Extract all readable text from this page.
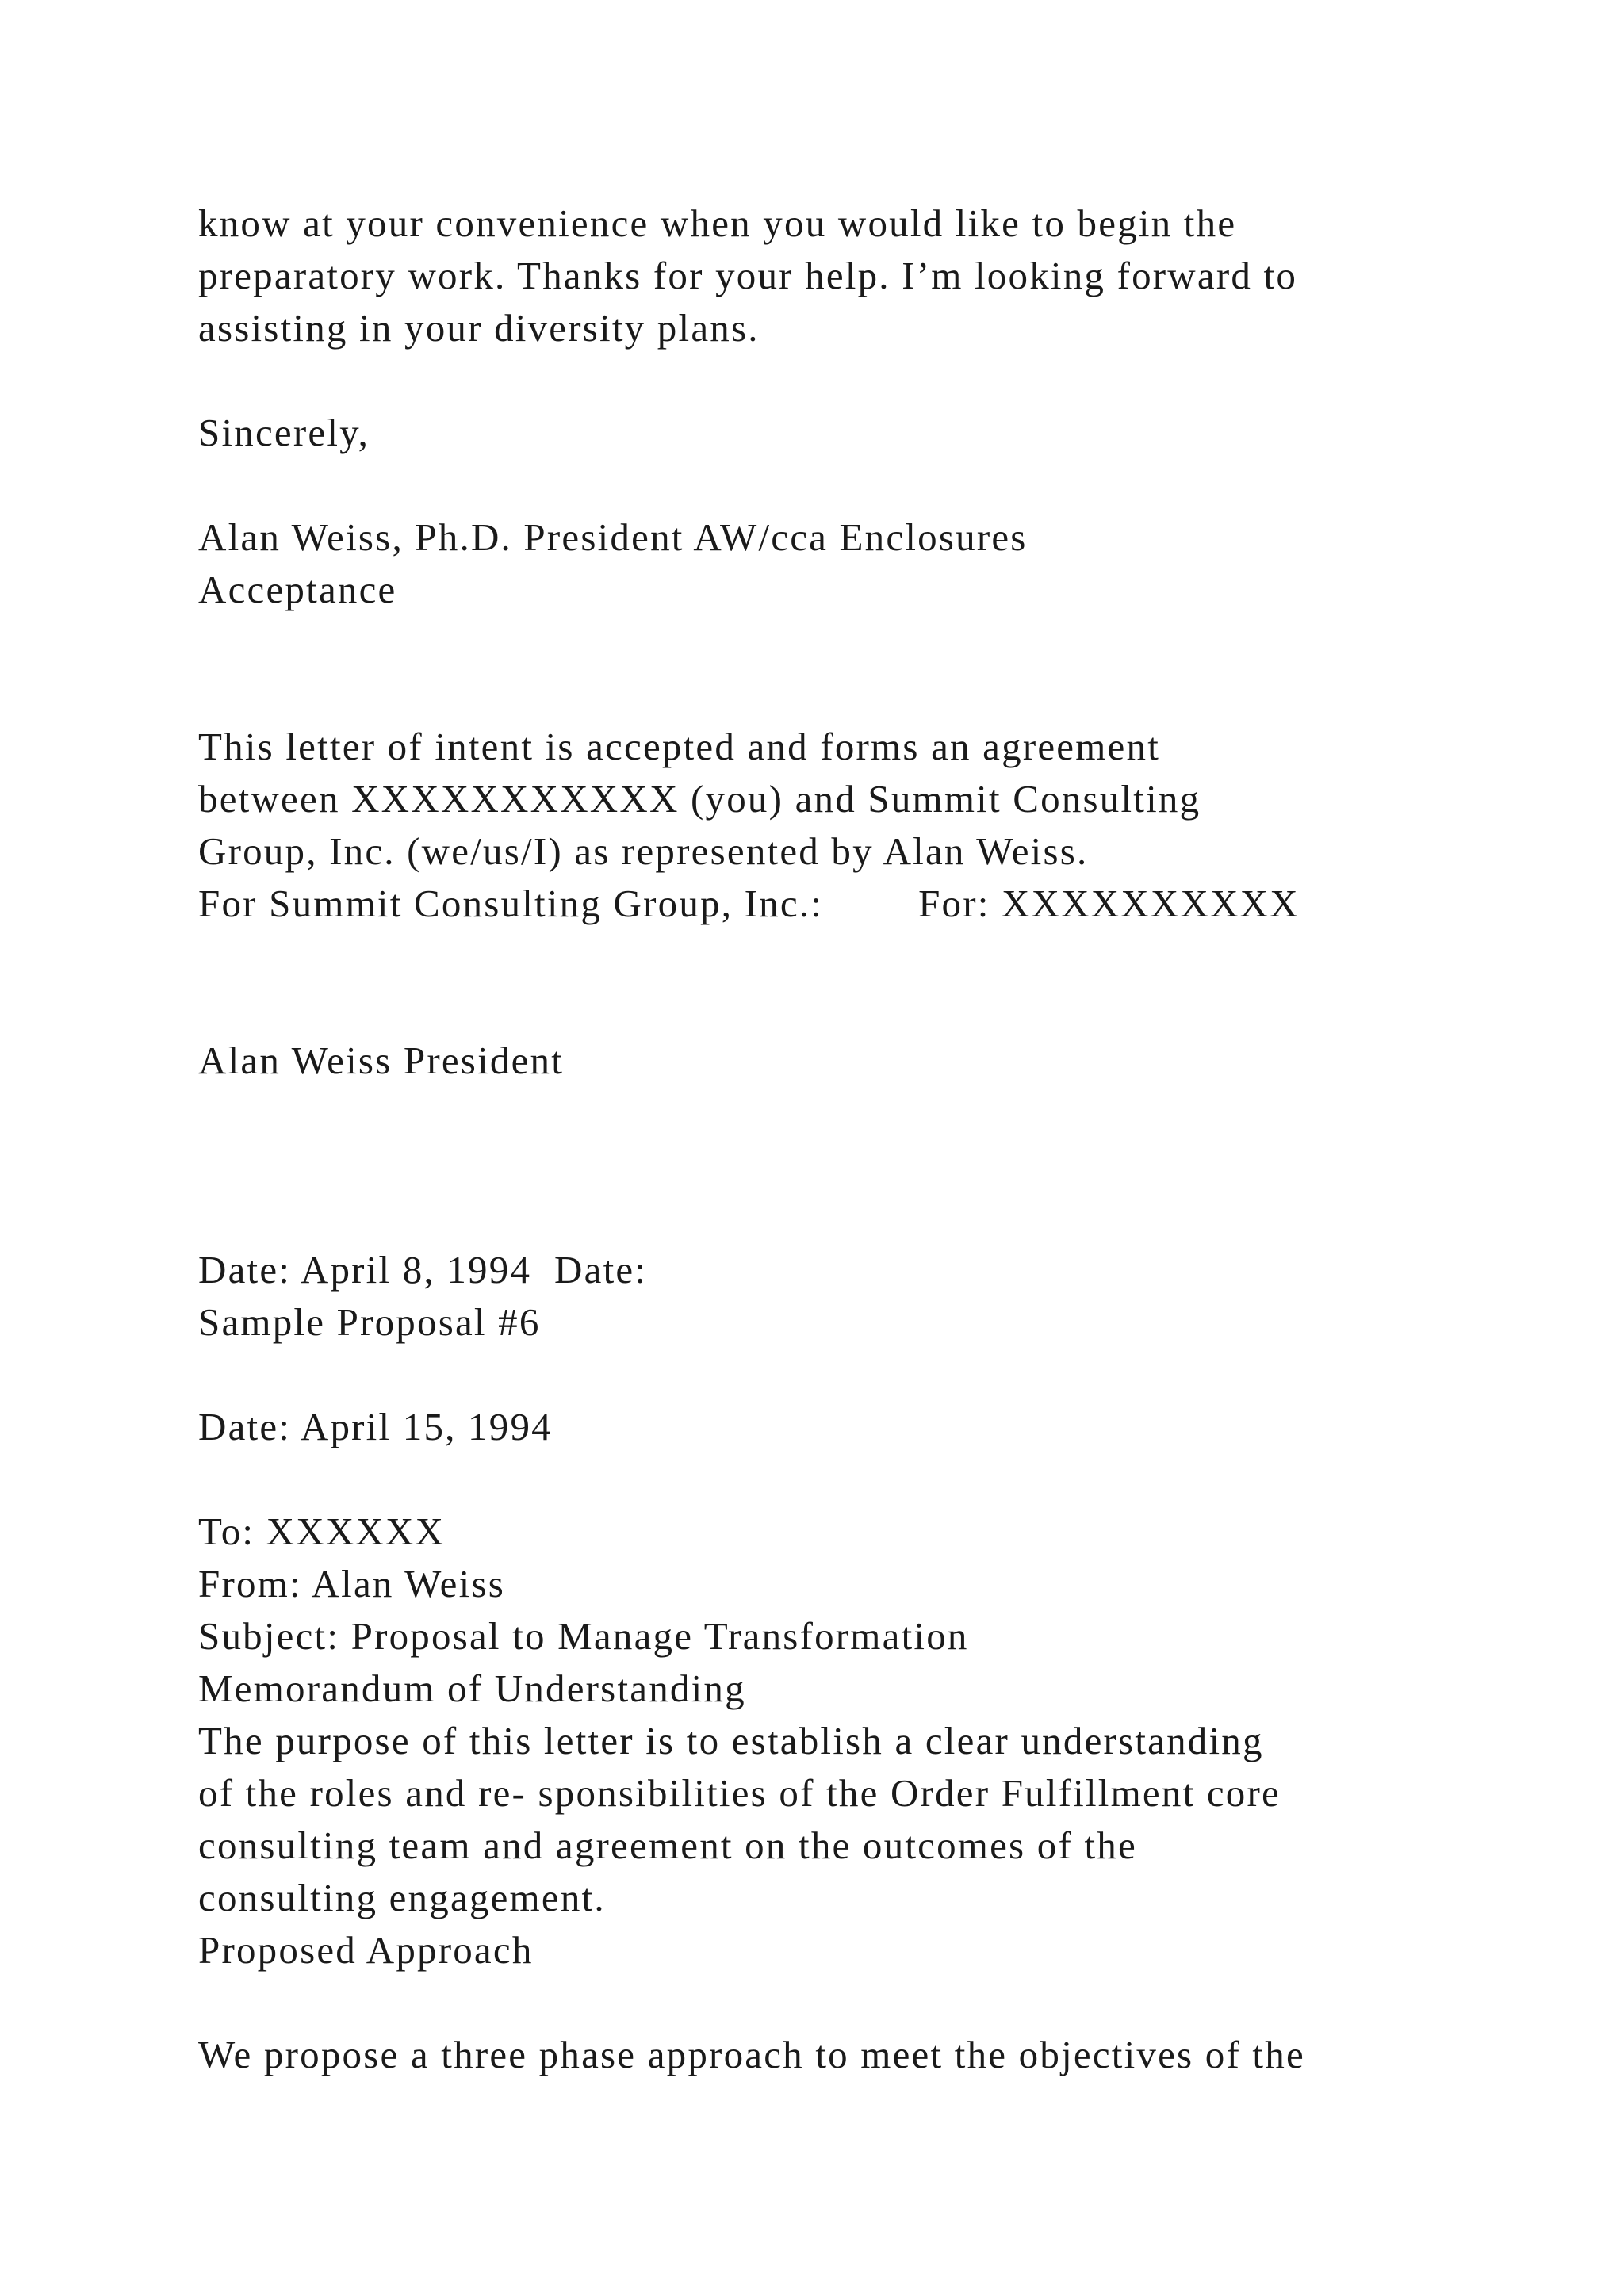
know at your convenience when you would like to begin the

preparatory work. Thanks for your help. I’m looking forward to

assisting in your diversity plans.

Sincerely,

Alan Weiss, Ph.D. President AW/cca Enclosures

Acceptance

This letter of intent is accepted and forms an agreement

between XXXXXXXXXXX (you) and Summit Consulting

Group, Inc. (we/us/I) as represented by Alan Weiss.

For Summit Consulting Group, Inc.: For: XXXXXXXXXX

Alan Weiss President

Date: April 8, 1994  Date:

Sample Proposal #6

Date: April 15, 1994

To: XXXXXX

From: Alan Weiss

Subject: Proposal to Manage Transformation

Memorandum of Understanding

The purpose of this letter is to establish a clear understanding

of the roles and re- sponsibilities of the Order Fulfillment core

consulting team and agreement on the outcomes of the

consulting engagement.

Proposed Approach

We propose a three phase approach to meet the objectives of the
